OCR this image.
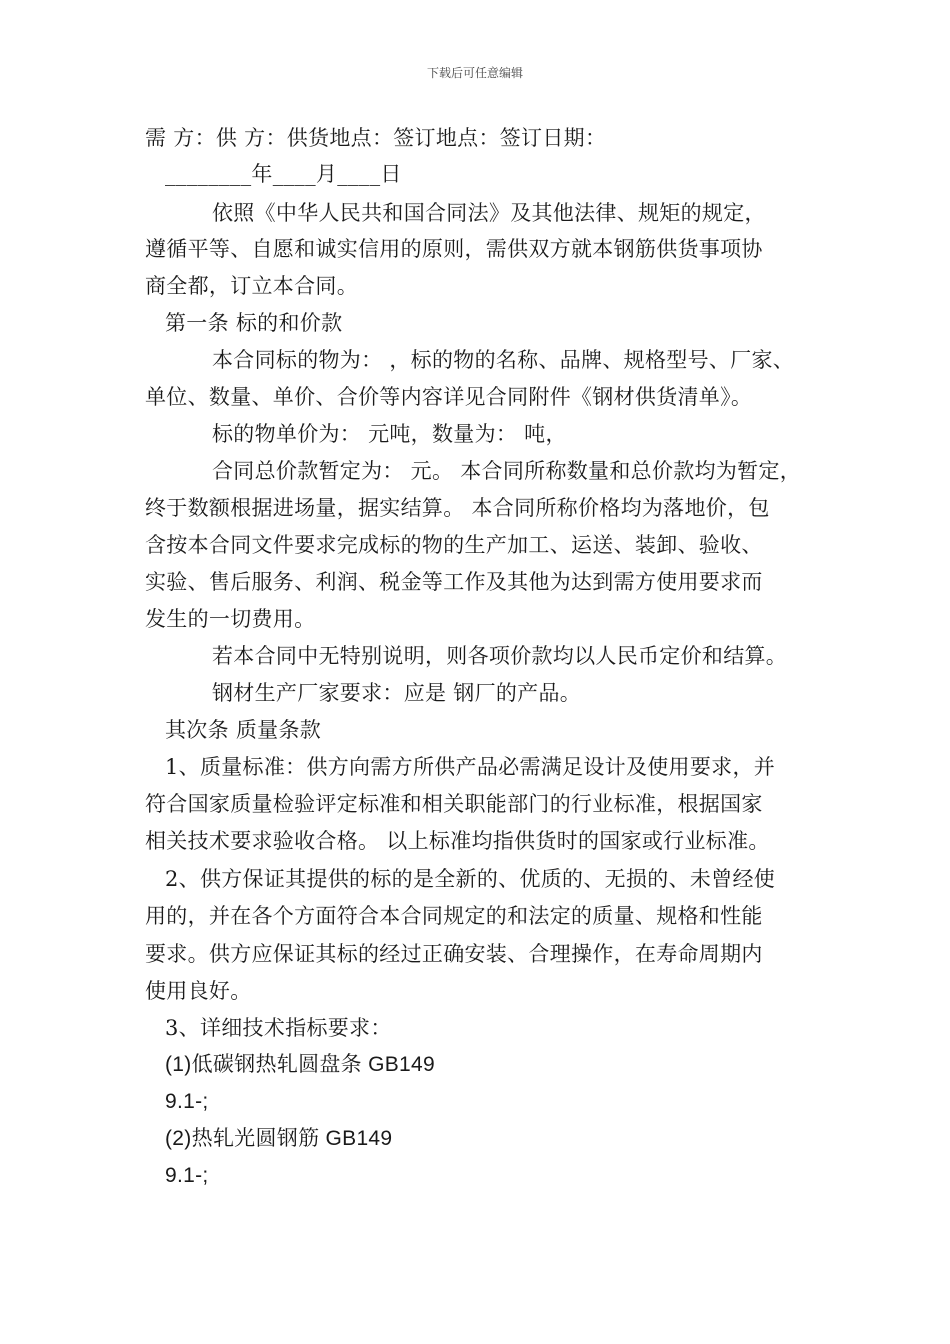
下载后可任意编辑
需 方：供 方：供货地点：签订地点：签订日期：
________年____月____日
依照《中华人民共和国合同法》及其他法律、规矩的规定，
遵循平等、自愿和诚实信用的原则，需供双方就本钢筋供货事项协
商全都，订立本合同。
第一条 标的和价款
本合同标的物为： ，标的物的名称、品牌、规格型号、厂家、
单位、数量、单价、合价等内容详见合同附件《钢材供货清单》。
标的物单价为： 元吨，数量为： 吨，
合同总价款暂定为： 元。 本合同所称数量和总价款均为暂定，
终于数额根据进场量，据实结算。 本合同所称价格均为落地价，包
含按本合同文件要求完成标的物的生产加工、运送、装卸、验收、
实验、售后服务、利润、税金等工作及其他为达到需方使用要求而
发生的一切费用。
若本合同中无特别说明，则各项价款均以人民币定价和结算。
钢材生产厂家要求：应是 钢厂的产品。
其次条 质量条款
1、质量标准：供方向需方所供产品必需满足设计及使用要求，并
符合国家质量检验评定标准和相关职能部门的行业标准，根据国家
相关技术要求验收合格。 以上标准均指供货时的国家或行业标准。
2、供方保证其提供的标的是全新的、优质的、无损的、未曾经使
用的，并在各个方面符合本合同规定的和法定的质量、规格和性能
要求。供方应保证其标的经过正确安装、合理操作，在寿命周期内
使用良好。
3、详细技术指标要求：
(1)低碳钢热轧圆盘条 GB149
9.1-;
(2)热轧光圆钢筋 GB149
9.1-;
